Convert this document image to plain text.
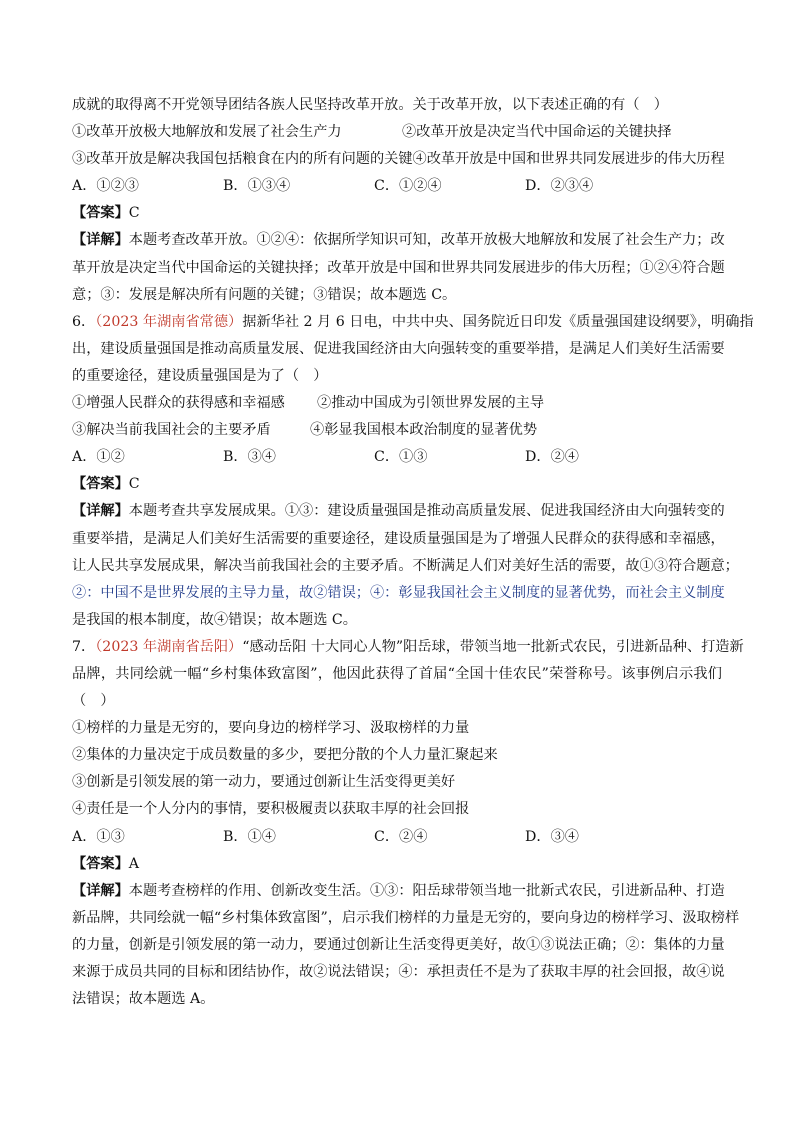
成就的取得离不开党领导团结各族人民坚持改革开放。关于改革开放，以下表述正确的有（　）
①改革开放极大地解放和发展了社会生产力	②改革开放是决定当代中国命运的关键抉择
③改革开放是解决我国包括粮食在内的所有问题的关键④改革开放是中国和世界共同发展进步的伟大历程
A．①②③	B．①③④	C．①②④	D．②③④
【答案】C
【详解】本题考查改革开放。①②④：依据所学知识可知，改革开放极大地解放和发展了社会生产力；改
革开放是决定当代中国命运的关键抉择；改革开放是中国和世界共同发展进步的伟大历程；①②④符合题
意；③：发展是解决所有问题的关键；③错误；故本题选 C。
6．（2023 年湖南省常德）据新华社 2 月 6 日电，中共中央、国务院近日印发《质量强国建设纲要》，明确指
出，建设质量强国是推动高质量发展、促进我国经济由大向强转变的重要举措，是满足人们美好生活需要
的重要途径，建设质量强国是为了（　）
①增强人民群众的获得感和幸福感 ②推动中国成为引领世界发展的主导
③解决当前我国社会的主要矛盾	④彰显我国根本政治制度的显著优势
A．①②	B．③④	C．①③	D．②④
【答案】C
【详解】本题考查共享发展成果。①③：建设质量强国是推动高质量发展、促进我国经济由大向强转变的
重要举措，是满足人们美好生活需要的重要途径，建设质量强国是为了增强人民群众的获得感和幸福感，
让人民共享发展成果，解决当前我国社会的主要矛盾。不断满足人们对美好生活的需要，故①③符合题意；
②：中国不是世界发展的主导力量，故②错误；④：彰显我国社会主义制度的显著优势，而社会主义制度
是我国的根本制度，故④错误；故本题选 C。
7．（2023 年湖南省岳阳）“感动岳阳 十大同心人物”阳岳球，带领当地一批新式农民，引进新品种、打造新
品牌，共同绘就一幅“乡村集体致富图”，他因此获得了首届“全国十佳农民”荣誉称号。该事例启示我们
（　）
①榜样的力量是无穷的，要向身边的榜样学习、汲取榜样的力量
②集体的力量决定于成员数量的多少，要把分散的个人力量汇聚起来
③创新是引领发展的第一动力，要通过创新让生活变得更美好
④责任是一个人分内的事情，要积极履责以获取丰厚的社会回报
A．①③	B．①④	C．②④	D．③④
【答案】A
【详解】本题考查榜样的作用、创新改变生活。①③：阳岳球带领当地一批新式农民，引进新品种、打造
新品牌，共同绘就一幅“乡村集体致富图”，启示我们榜样的力量是无穷的，要向身边的榜样学习、汲取榜样
的力量，创新是引领发展的第一动力，要通过创新让生活变得更美好，故①③说法正确；②：集体的力量
来源于成员共同的目标和团结协作，故②说法错误；④：承担责任不是为了获取丰厚的社会回报，故④说
法错误；故本题选 A。
